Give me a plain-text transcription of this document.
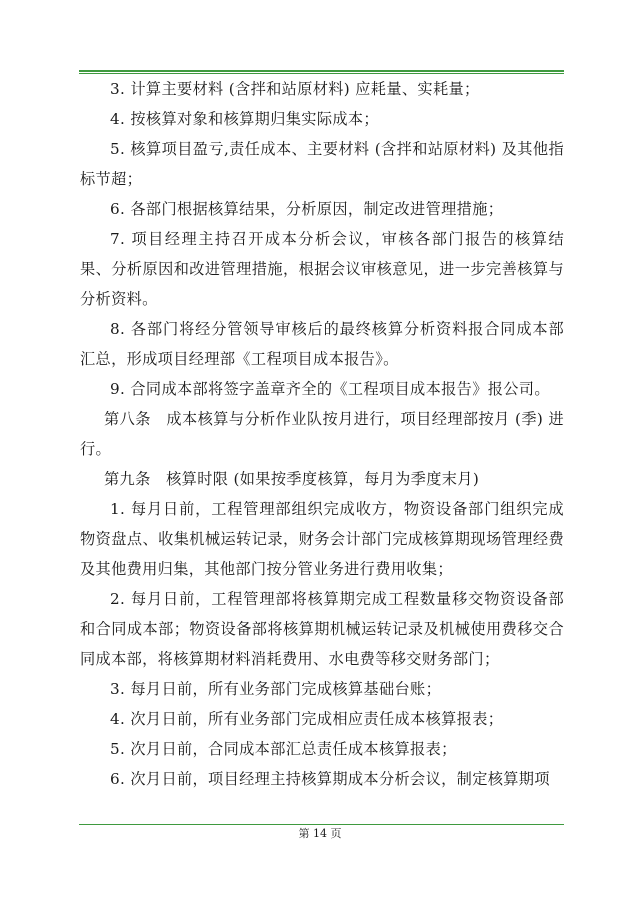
3. 计算主要材料 (含拌和站原材料) 应耗量、实耗量；

4. 按核算对象和核算期归集实际成本；

5. 核算项目盈亏,责任成本、主要材料 (含拌和站原材料) 及其他指标节超；

6. 各部门根据核算结果，分析原因，制定改进管理措施；

7. 项目经理主持召开成本分析会议，审核各部门报告的核算结果、分析原因和改进管理措施，根据会议审核意见，进一步完善核算与分析资料。

8. 各部门将经分管领导审核后的最终核算分析资料报合同成本部汇总，形成项目经理部《工程项目成本报告》。

9. 合同成本部将签字盖章齐全的《工程项目成本报告》报公司。

第八条　成本核算与分析作业队按月进行，项目经理部按月 (季) 进行。

第九条　核算时限 (如果按季度核算，每月为季度末月)

1. 每月日前，工程管理部组织完成收方，物资设备部门组织完成物资盘点、收集机械运转记录，财务会计部门完成核算期现场管理经费及其他费用归集，其他部门按分管业务进行费用收集；

2. 每月日前，工程管理部将核算期完成工程数量移交物资设备部和合同成本部；物资设备部将核算期机械运转记录及机械使用费移交合同成本部，将核算期材料消耗费用、水电费等移交财务部门；

3. 每月日前，所有业务部门完成核算基础台账；

4. 次月日前，所有业务部门完成相应责任成本核算报表；

5. 次月日前，合同成本部汇总责任成本核算报表；

6. 次月日前，项目经理主持核算期成本分析会议，制定核算期项

第 14 页
